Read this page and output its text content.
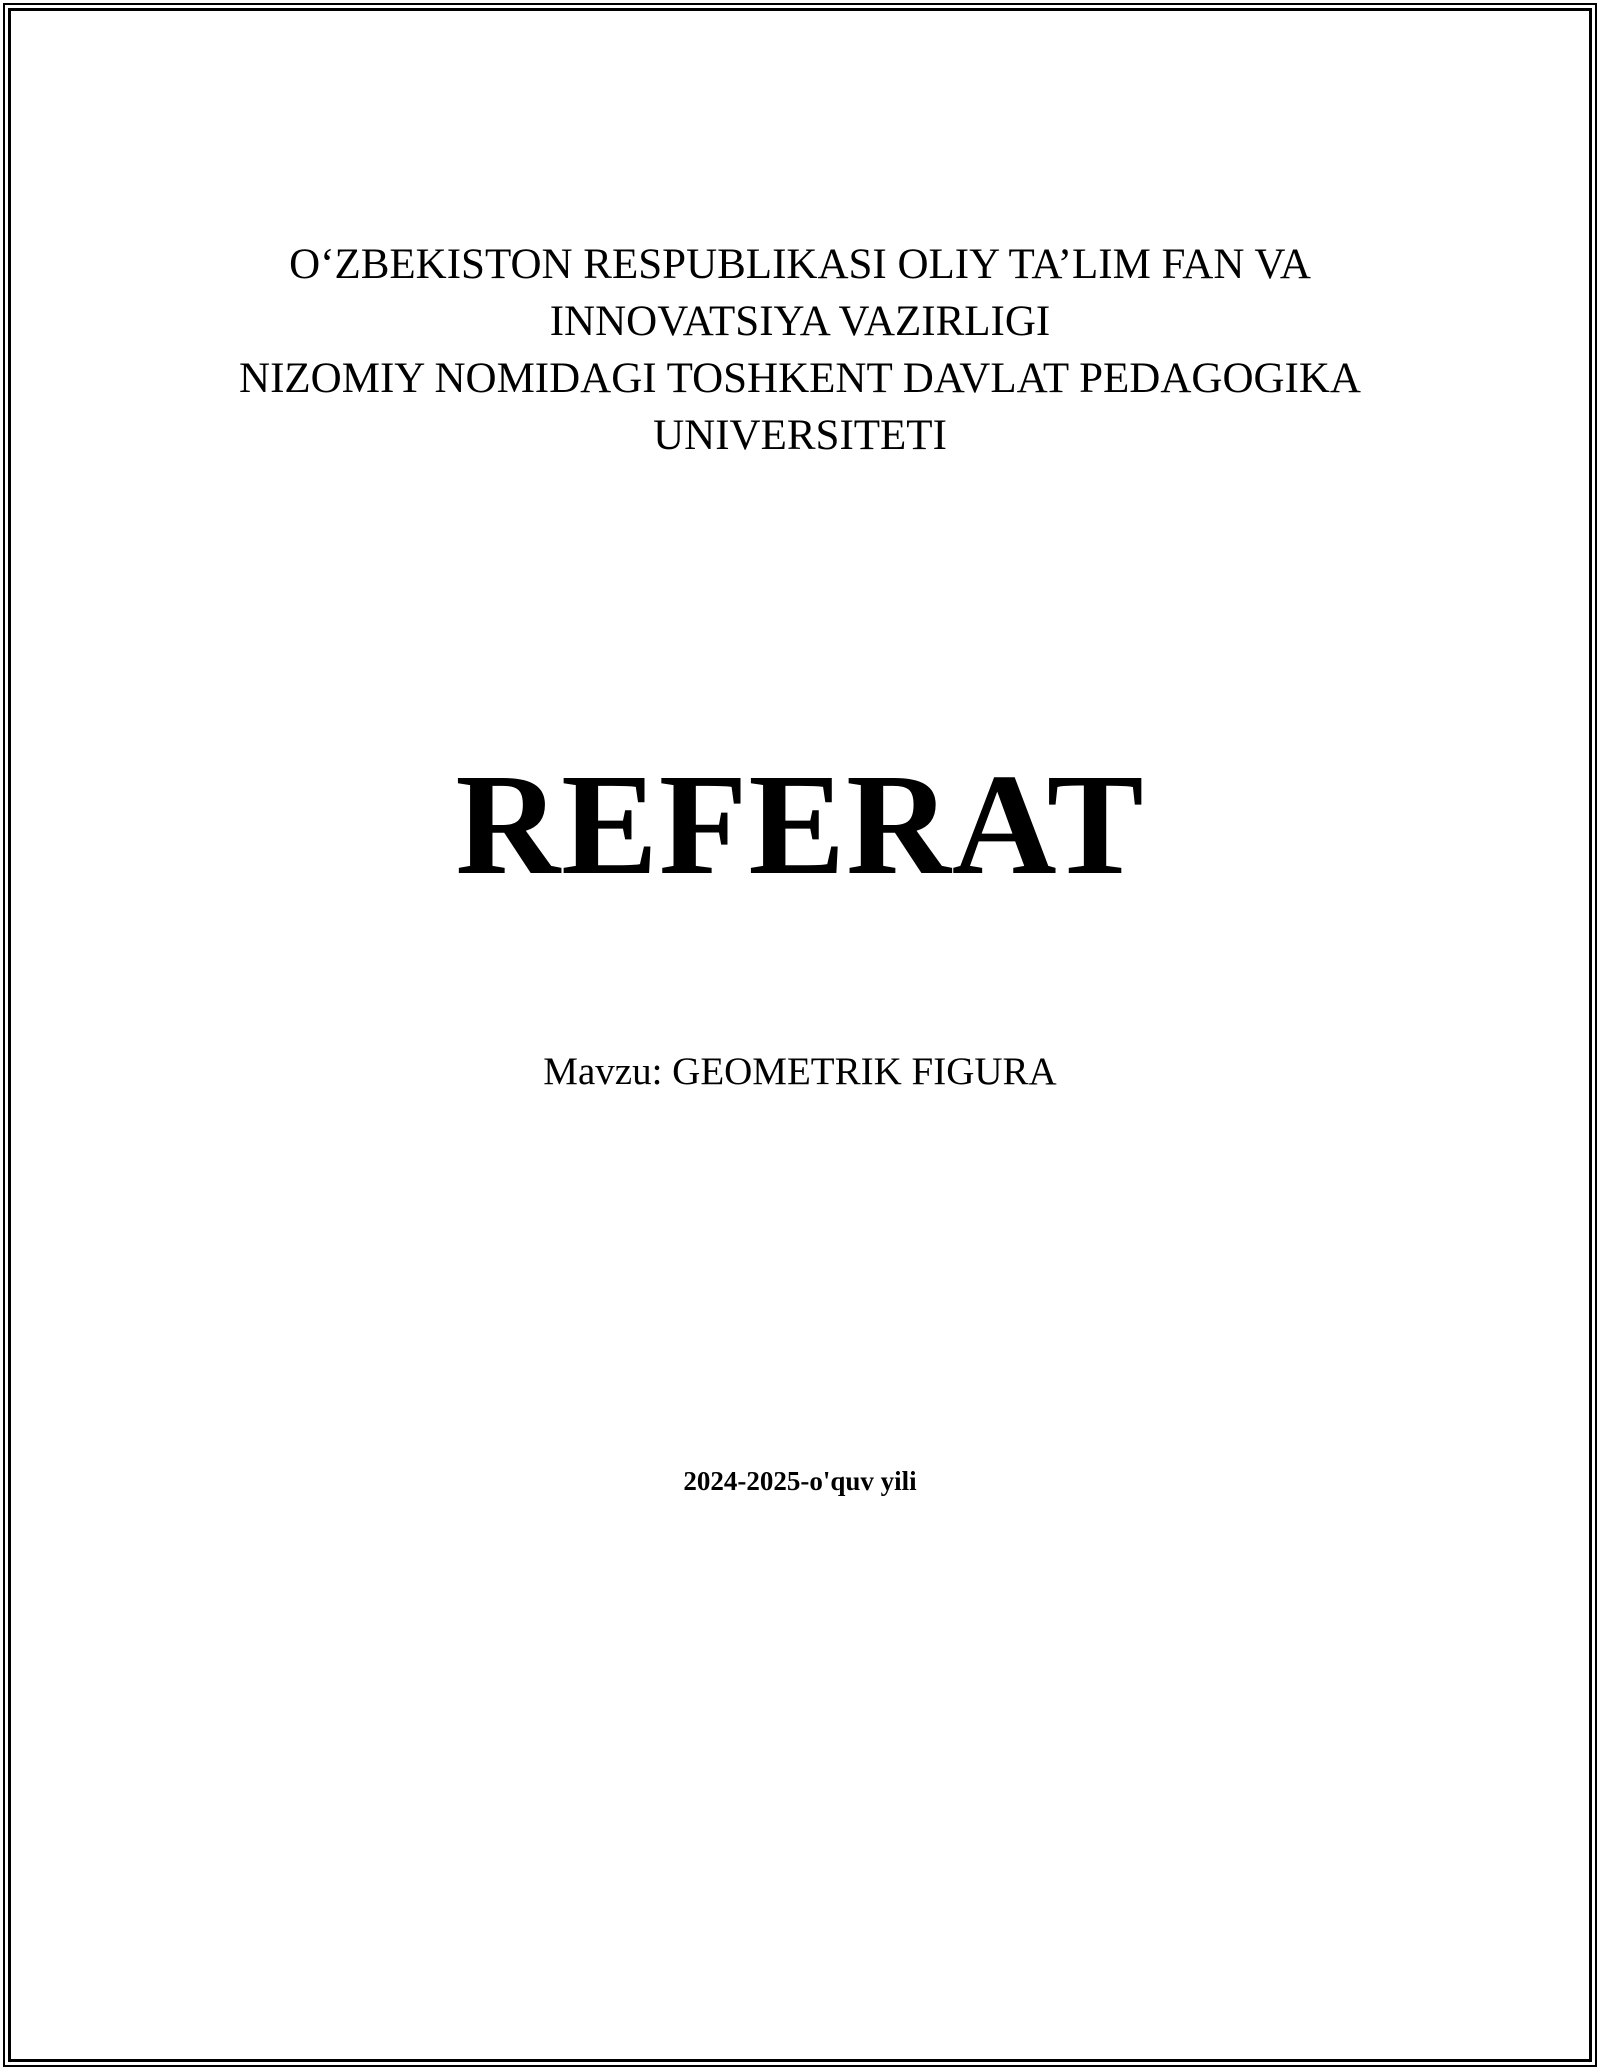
O‘ZBEKISTON RESPUBLIKASI OLIY TA’LIM FAN VA
INNOVATSIYA VAZIRLIGI
NIZOMIY NOMIDAGI TOSHKENT DAVLAT PEDAGOGIKA
UNIVERSITETI
REFERAT
Mavzu: GEOMETRIK FIGURA
2024-2025-o'quv yili
